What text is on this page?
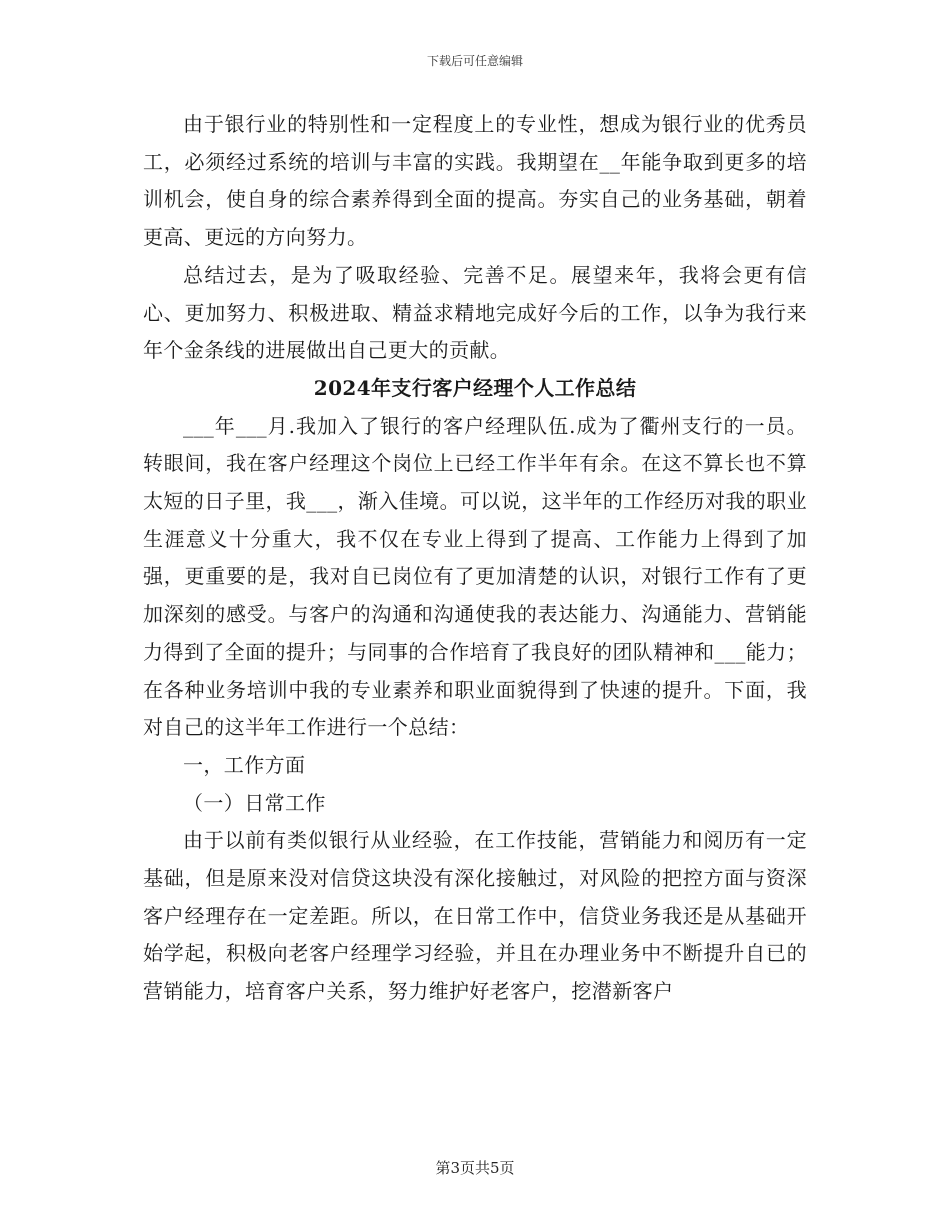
下载后可任意编辑

由于银行业的特别性和一定程度上的专业性，想成为银行业的优秀员工，必须经过系统的培训与丰富的实践。我期望在__年能争取到更多的培训机会，使自身的综合素养得到全面的提高。夯实自己的业务基础，朝着更高、更远的方向努力。

总结过去，是为了吸取经验、完善不足。展望来年，我将会更有信心、更加努力、积极进取、精益求精地完成好今后的工作，以争为我行来年个金条线的进展做出自己更大的贡献。

2024年支行客户经理个人工作总结

___年___月.我加入了银行的客户经理队伍.成为了衢州支行的一员。转眼间，我在客户经理这个岗位上已经工作半年有余。在这不算长也不算太短的日子里，我___，渐入佳境。可以说，这半年的工作经历对我的职业生涯意义十分重大，我不仅在专业上得到了提高、工作能力上得到了加强，更重要的是，我对自已岗位有了更加清楚的认识，对银行工作有了更加深刻的感受。与客户的沟通和沟通使我的表达能力、沟通能力、营销能力得到了全面的提升；与同事的合作培育了我良好的团队精神和___能力；在各种业务培训中我的专业素养和职业面貌得到了快速的提升。下面，我对自己的这半年工作进行一个总结：

一，工作方面

（一）日常工作

由于以前有类似银行从业经验，在工作技能，营销能力和阅历有一定基础，但是原来没对信贷这块没有深化接触过，对风险的把控方面与资深客户经理存在一定差距。所以，在日常工作中，信贷业务我还是从基础开始学起，积极向老客户经理学习经验，并且在办理业务中不断提升自已的营销能力，培育客户关系，努力维护好老客户，挖潜新客户

第3页共5页
